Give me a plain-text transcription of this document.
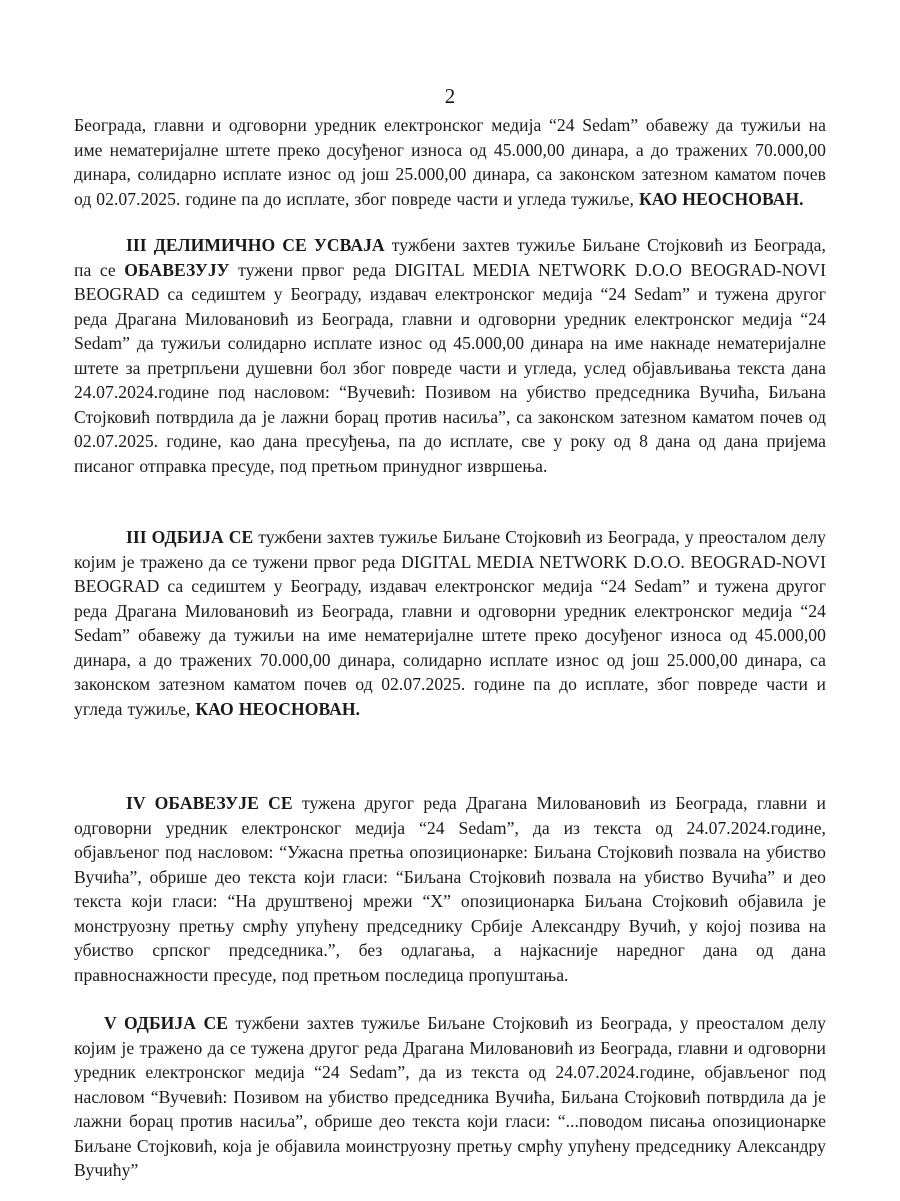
2

Београда, главни и одговорни уредник електронског медија “24 Sedam” обавежу да тужиљи на име нематеријалне штете преко досуђеног износа од 45.000,00 динара, а до тражених 70.000,00 динара, солидарно исплате износ од још 25.000,00 динара, са законском затезном каматом почев од 02.07.2025. године па до исплате, због повреде части и угледа тужиље, КАО НЕОСНОВАН.

III ДЕЛИМИЧНО СЕ УСВАЈА тужбени захтев тужиље Биљане Стојковић из Београда, па се ОБАВЕЗУЈУ тужени првог реда DIGITAL MEDIA NETWORK D.O.O BEOGRAD-NOVI BEOGRAD са седиштем у Београду, издавач електронског медија “24 Sedam” и тужена другог реда Драгана Миловановић из Београда, главни и одговорни уредник електронског медија “24 Sedam” да тужиљи солидарно исплате износ од 45.000,00 динара на име накнаде нематеријалне штете за претрпљени душевни бол због повреде части и угледа, услед објављивања текста дана 24.07.2024.године под насловом: “Вучевић: Позивом на убиство председника Вучића, Биљана Стојковић потврдила да је лажни борац против насиља”, са законском затезном каматом почев од 02.07.2025. године, као дана пресуђења, па до исплате, све у року од 8 дана од дана пријема писаног отправка пресуде, под претњом принудног извршења.

III ОДБИЈА СЕ тужбени захтев тужиље Биљане Стојковић из Београда, у преосталом делу којим је тражено да се тужени првог реда DIGITAL MEDIA NETWORK D.O.O. BEOGRAD-NOVI BEOGRAD са седиштем у Београду, издавач електронског медија “24 Sedam” и тужена другог реда Драгана Миловановић из Београда, главни и одговорни уредник електронског медија “24 Sedam” обавежу да тужиљи на име нематеријалне штете преко досуђеног износа од 45.000,00 динара, а до тражених 70.000,00 динара, солидарно исплате износ од још 25.000,00 динара, са законском затезном каматом почев од 02.07.2025. године па до исплате, због повреде части и угледа тужиље, КАО НЕОСНОВАН.

IV ОБАВЕЗУЈЕ СЕ тужена другог реда Драгана Миловановић из Београда, главни и одговорни уредник електронског медија “24 Sedam”, да из текста од 24.07.2024.године, објављеног под насловом: “Ужасна претња опозиционарке: Биљана Стојковић позвала на убиство Вучића”, обрише део текста који гласи: “Биљана Стојковић позвала на убиство Вучића” и део текста који гласи: “На друштвеној мрежи “X” опозиционарка Биљана Стојковић објавила је монструозну претњу смрћу упућену председнику Србије Александру Вучић, у којој позива на убиство српског председника.”, без одлагања, а најкасније наредног дана од дана правноснажности пресуде, под претњом последица пропуштања.

V ОДБИЈА СЕ тужбени захтев тужиље Биљане Стојковић из Београда, у преосталом делу којим је тражено да се тужена другог реда Драгана Миловановић из Београда, главни и одговорни уредник електронског медија “24 Sedam”, да из текста од 24.07.2024.године, објављеног под насловом “Вучевић: Позивом на убиство председника Вучића, Биљана Стојковић потврдила да је лажни борац против насиља”, обрише део текста који гласи: “...поводом писања опозиционарке Биљане Стојковић, која је објавила моинструозну претњу смрћу упућену председнику Александру Вучићу”
